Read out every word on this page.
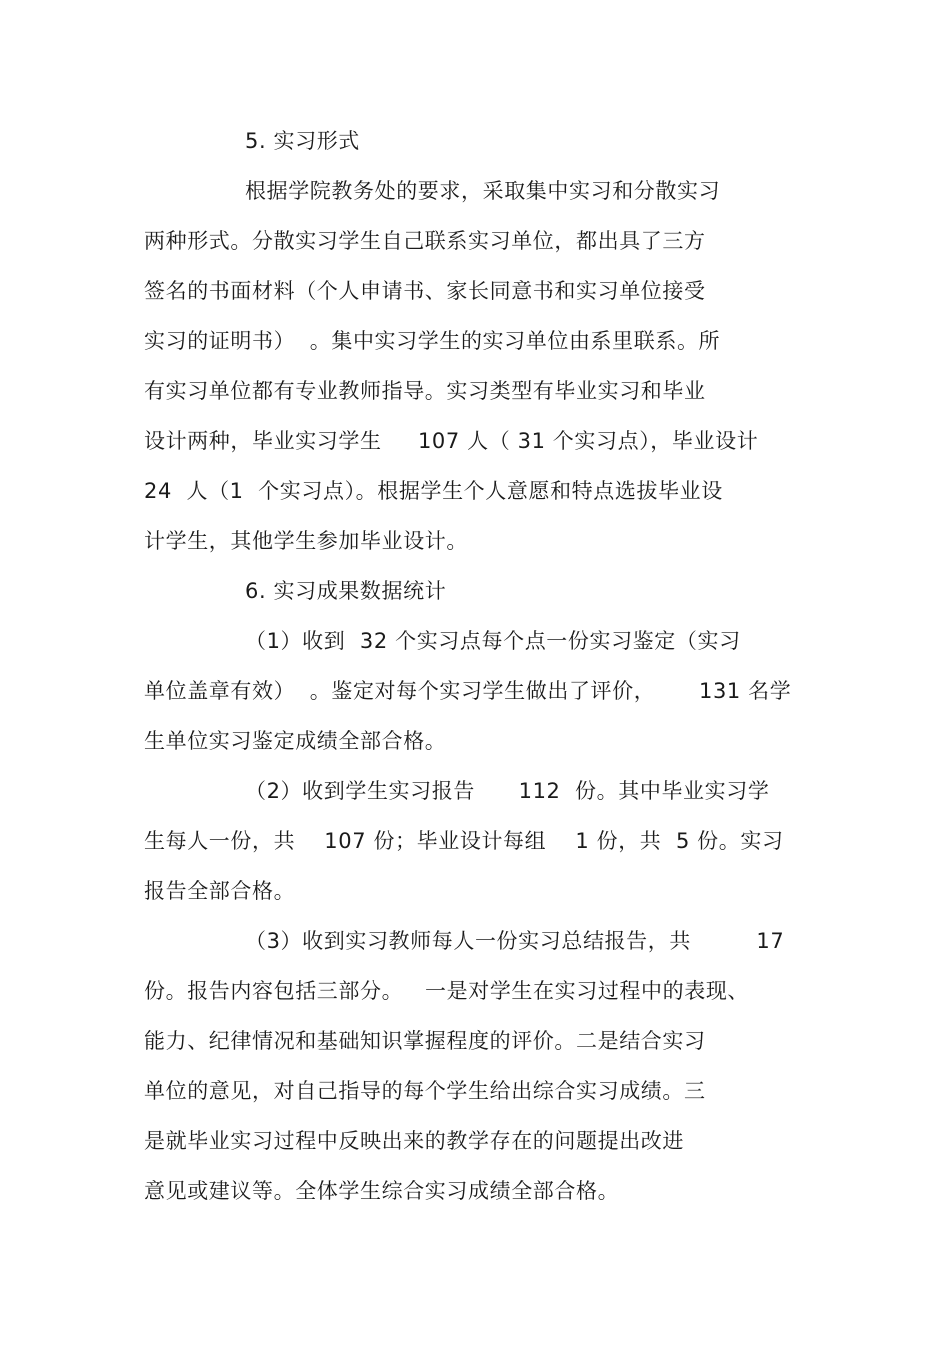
5. 实习形式
根据学院教务处的要求，采取集中实习和分散实习
两种形式。分散实习学生自己联系实习单位，都出具了三方
签名的书面材料（个人申请书、家长同意书和实习单位接受
实习的证明书）  。集中实习学生的实习单位由系里联系。所
有实习单位都有专业教师指导。实习类型有毕业实习和毕业
设计两种，毕业实习学生     107 人（ 31 个实习点），毕业设计
24  人（1  个实习点）。根据学生个人意愿和特点选拔毕业设
计学生，其他学生参加毕业设计。
6. 实习成果数据统计
（1）收到  32 个实习点每个点一份实习鉴定（实习
单位盖章有效）  。鉴定对每个实习学生做出了评价，      131 名学
生单位实习鉴定成绩全部合格。
（2）收到学生实习报告      112  份。其中毕业实习学
生每人一份，共    107 份；毕业设计每组    1 份，共  5 份。实习
报告全部合格。
（3）收到实习教师每人一份实习总结报告，共         17
份。报告内容包括三部分。   一是对学生在实习过程中的表现、
能力、纪律情况和基础知识掌握程度的评价。二是结合实习
单位的意见，对自己指导的每个学生给出综合实习成绩。三
是就毕业实习过程中反映出来的教学存在的问题提出改进
意见或建议等。全体学生综合实习成绩全部合格。
